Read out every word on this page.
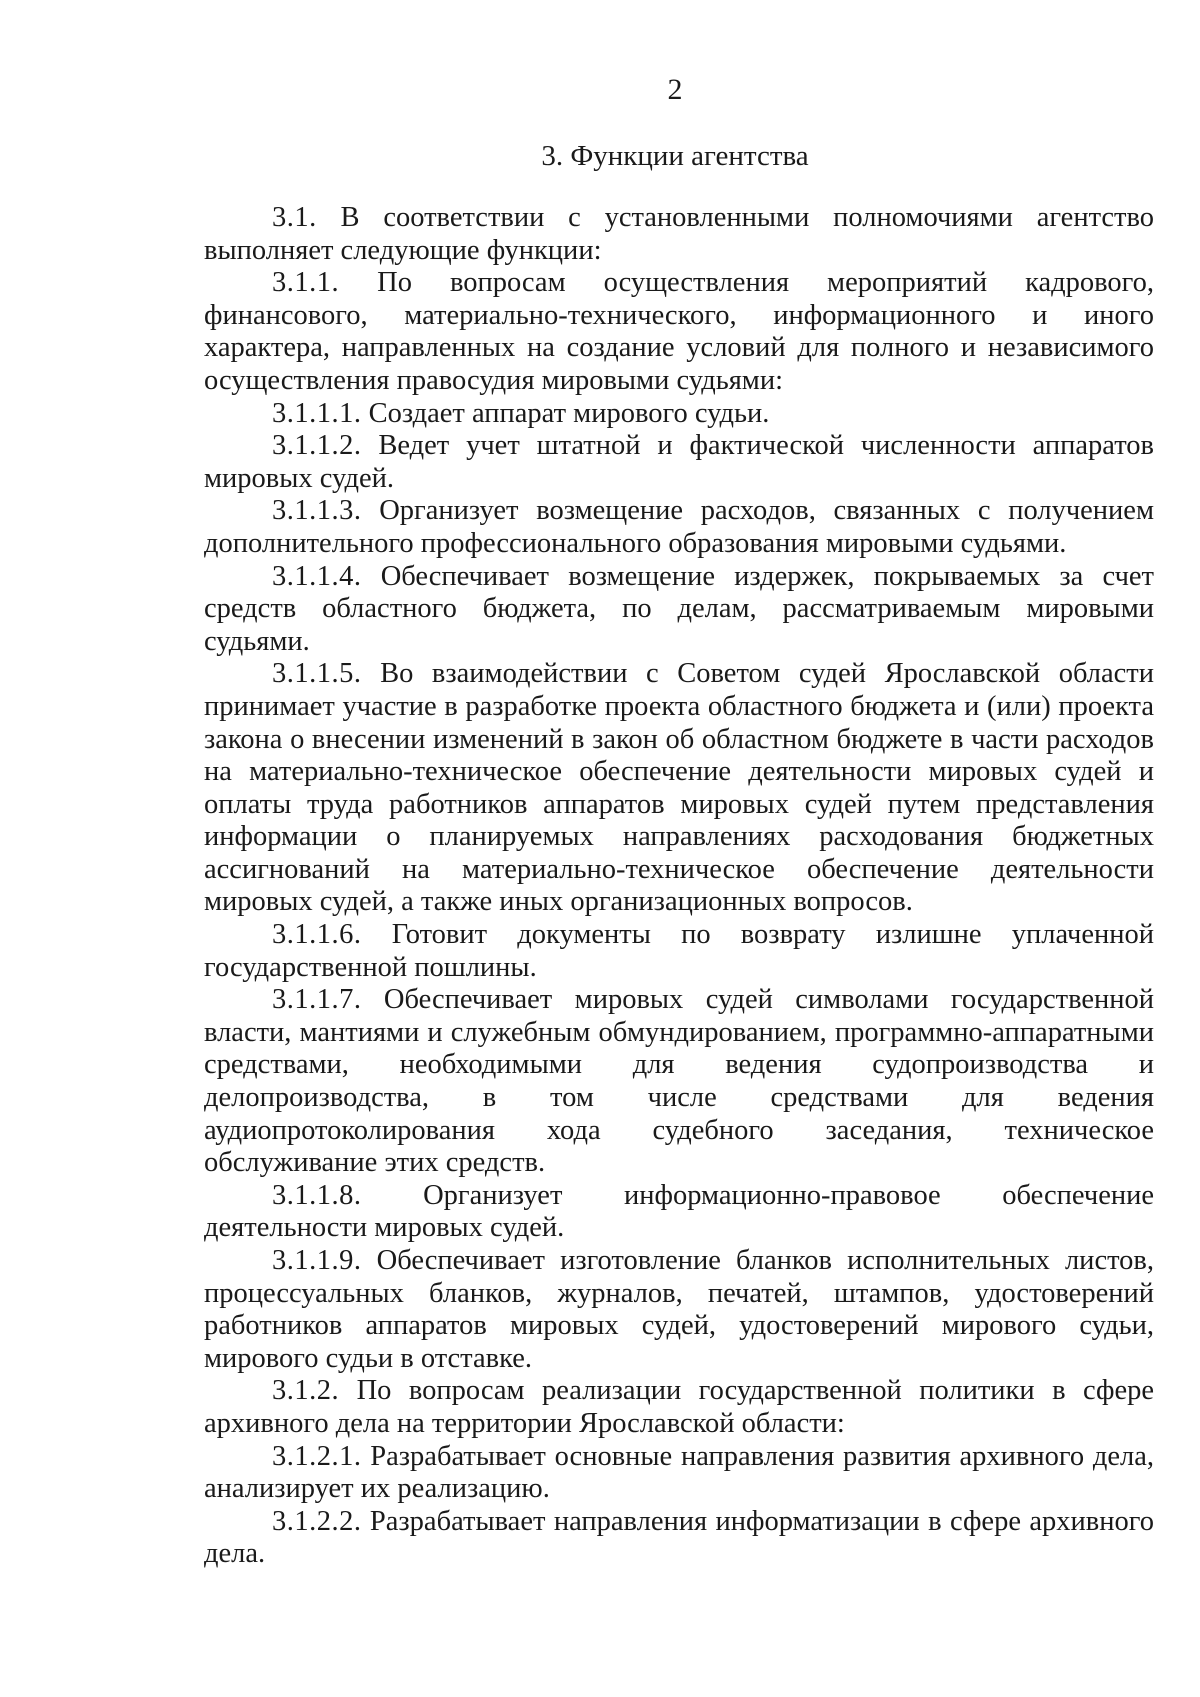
2
3. Функции агентства

3.1. В соответствии с установленными полномочиями агентство выполняет следующие функции:

3.1.1. По вопросам осуществления мероприятий кадрового, финансового, материально-технического, информационного и иного характера, направленных на создание условий для полного и независимого осуществления правосудия мировыми судьями:

3.1.1.1. Создает аппарат мирового судьи.

3.1.1.2. Ведет учет штатной и фактической численности аппаратов мировых судей.

3.1.1.3. Организует возмещение расходов, связанных с получением дополнительного профессионального образования мировыми судьями.

3.1.1.4. Обеспечивает возмещение издержек, покрываемых за счет средств областного бюджета, по делам, рассматриваемым мировыми судьями.

3.1.1.5. Во взаимодействии с Советом судей Ярославской области принимает участие в разработке проекта областного бюджета и (или) проекта закона о внесении изменений в закон об областном бюджете в части расходов на материально-техническое обеспечение деятельности мировых судей и оплаты труда работников аппаратов мировых судей путем представления информации о планируемых направлениях расходования бюджетных ассигнований на материально-техническое обеспечение деятельности мировых судей, а также иных организационных вопросов.

3.1.1.6. Готовит документы по возврату излишне уплаченной государственной пошлины.

3.1.1.7. Обеспечивает мировых судей символами государственной власти, мантиями и служебным обмундированием, программно-аппаратными средствами, необходимыми для ведения судопроизводства и делопроизводства, в том числе средствами для ведения аудиопротоколирования хода судебного заседания, техническое обслуживание этих средств.

3.1.1.8. Организует информационно-правовое обеспечение деятельности мировых судей.

3.1.1.9. Обеспечивает изготовление бланков исполнительных листов, процессуальных бланков, журналов, печатей, штампов, удостоверений работников аппаратов мировых судей, удостоверений мирового судьи, мирового судьи в отставке.

3.1.2. По вопросам реализации государственной политики в сфере архивного дела на территории Ярославской области:

3.1.2.1. Разрабатывает основные направления развития архивного дела, анализирует их реализацию.

3.1.2.2. Разрабатывает направления информатизации в сфере архивного дела.
